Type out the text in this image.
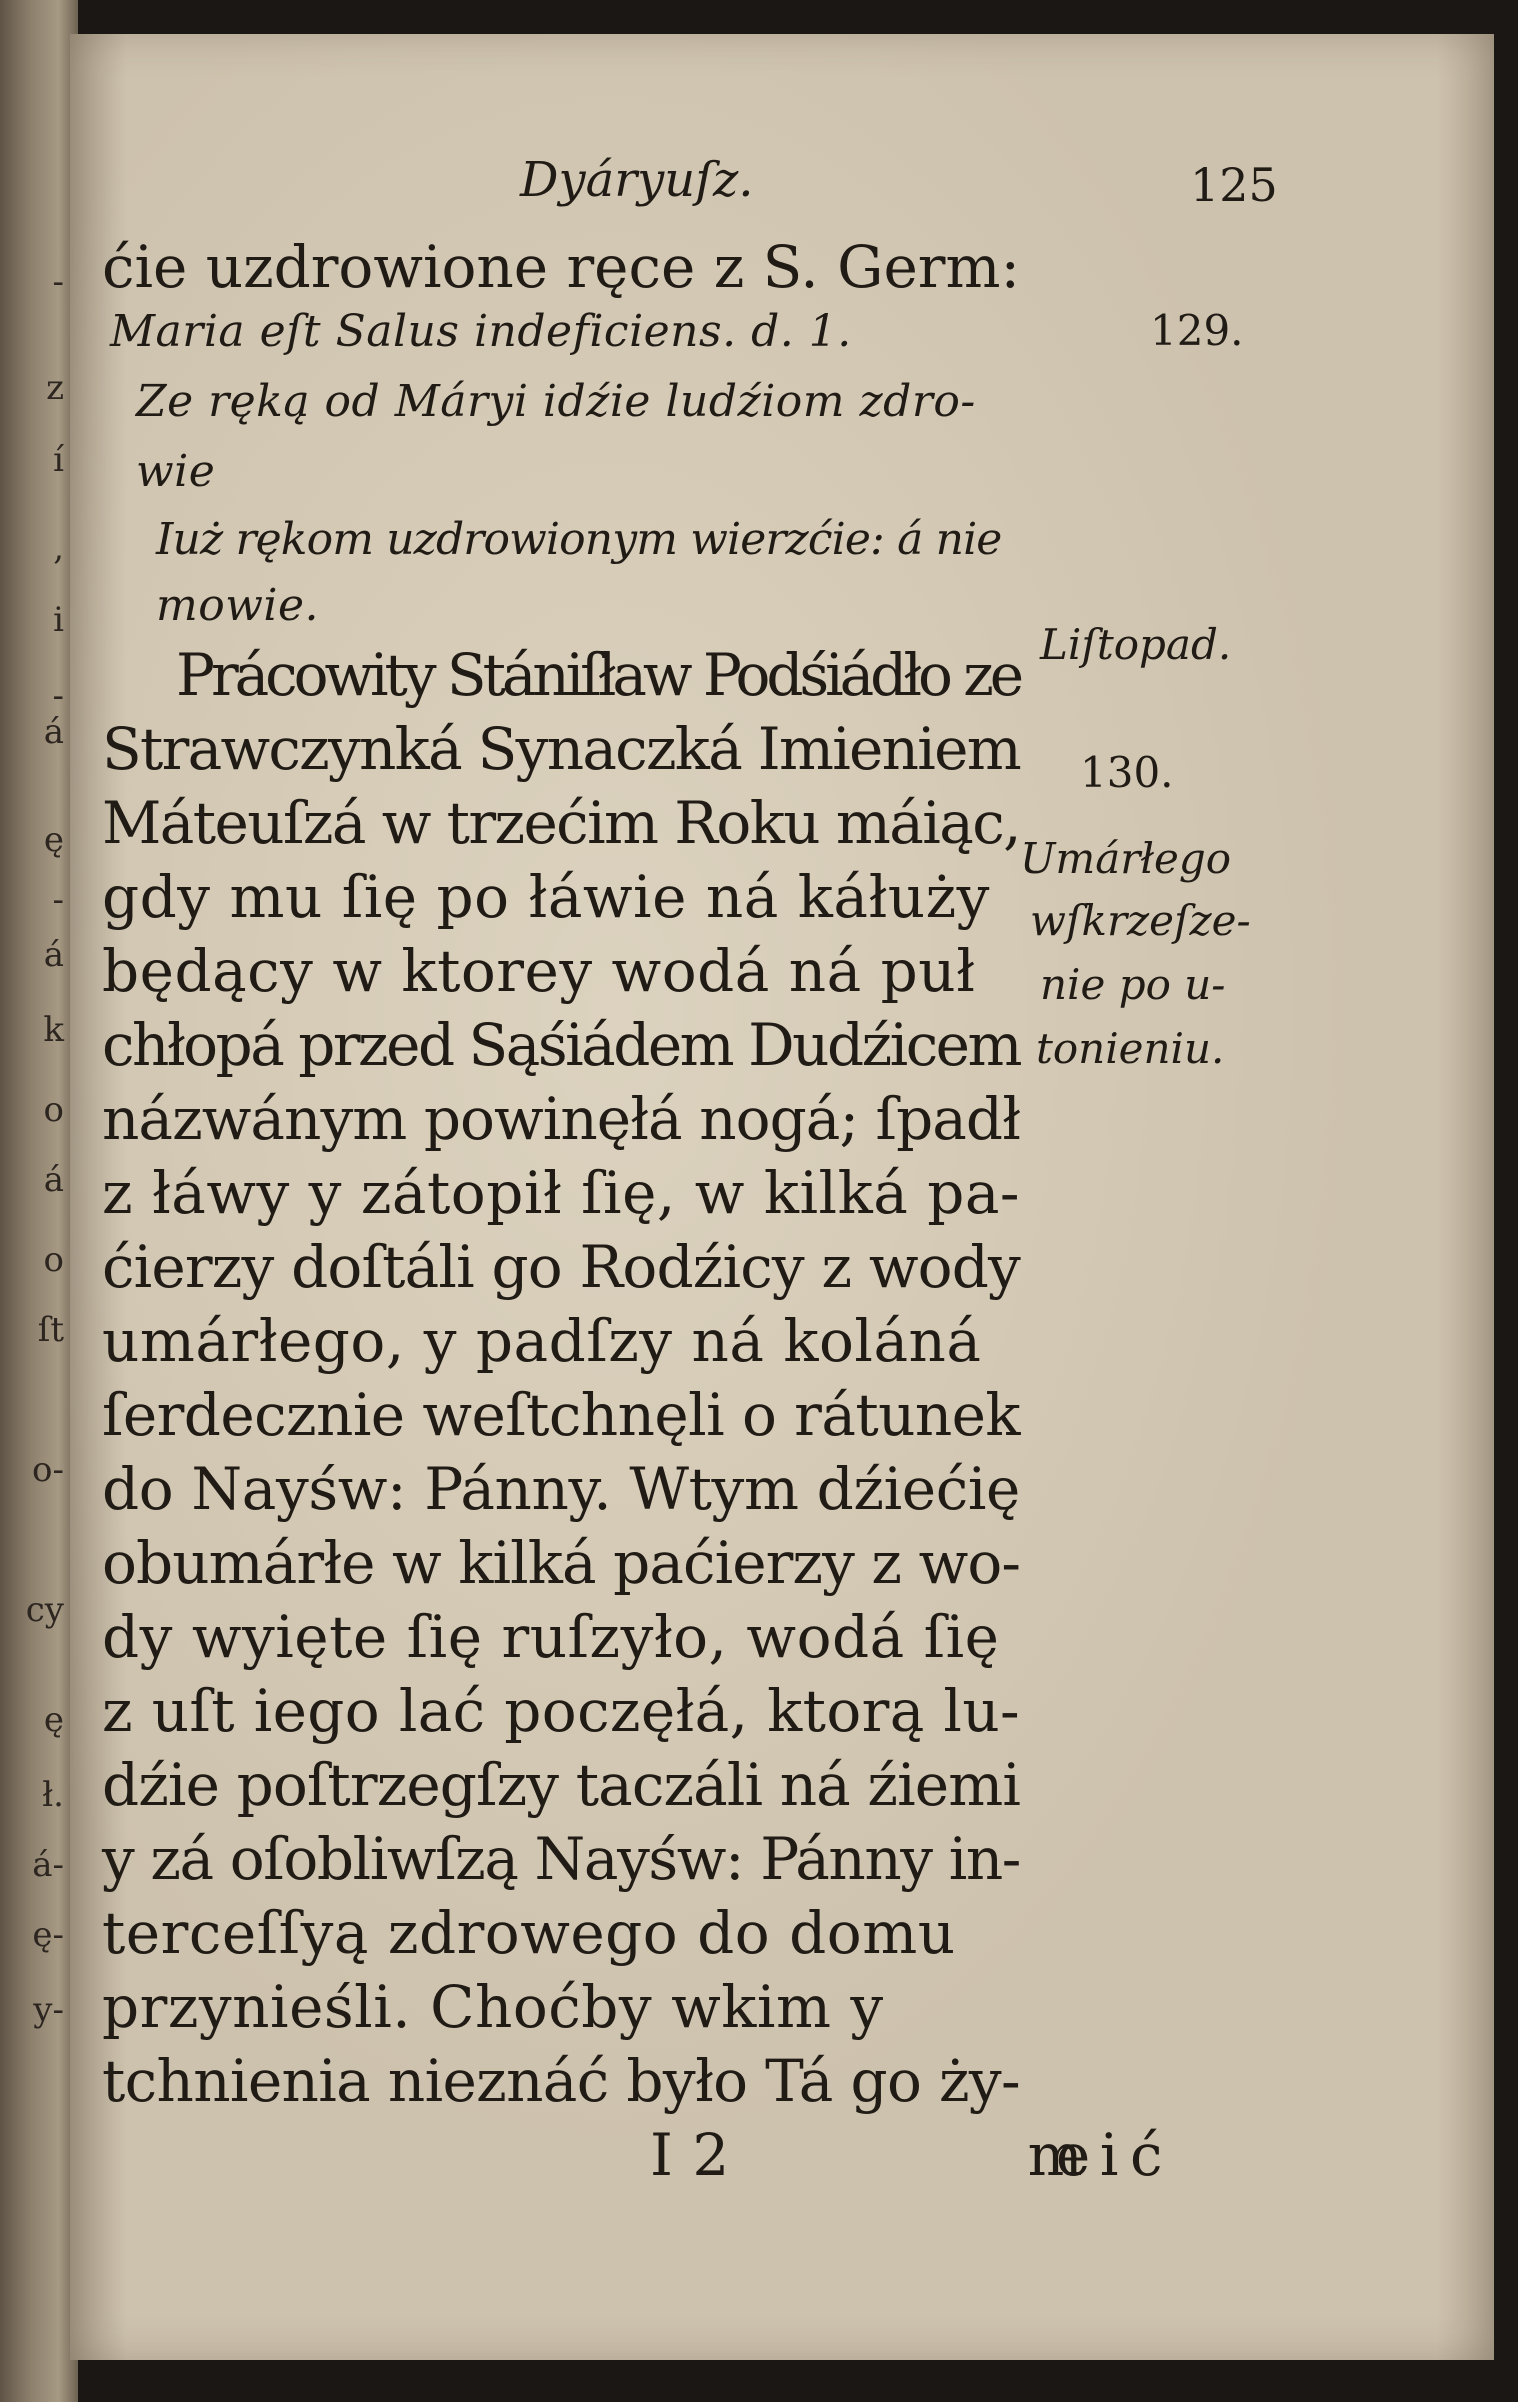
-
z
í
,
i
-
á
ę
-
á
k
o
á
o
ſt
o-
cy
ę
ł.
á-
ę-
y-
Dyáryuſz.	125
ćie uzdrowione ręce z S. Germ:
Maria eſt Salus indeficiens. d. 1.
Ze ręką od Máryi idźie ludźiom zdro-
wie
Iuż rękom uzdrowionym wierzćie: á nie
mowie.
Prácowity Stániſław Podśiádło ze
Strawczynká Synaczká Imieniem
Máteuſzá w trzećim Roku máiąc,
gdy mu ſię po łáwie ná káłuży
będący w ktorey wodá ná puł
chłopá przed Sąśiádem Dudźicem
názwánym powinęłá nogá; ſpadł
z łáwy y zátopił ſię, w kilká pa-
ćierzy doſtáli go Rodźicy z wody
umárłego, y padſzy ná koláná
ſerdecznie weſtchnęli o rátunek
do Nayśw: Pánny. Wtym dźiećię
obumárłe w kilká paćierzy z wo-
dy wyięte ſię ruſzyło, wodá ſię
z uſt iego lać poczęłá, ktorą lu-
dźie poſtrzegſzy taczáli ná źiemi
y zá oſobliwſzą Nayśw: Pánny in-
terceſſyą zdrowego do domu
przynieśli. Choćby wkim y
tchnienia nieznáć było Tá go ży-
I 2
129.
Liſtopad.
130.
Umárłego
wſkrzeſze-
nie po u-
tonieniu.
